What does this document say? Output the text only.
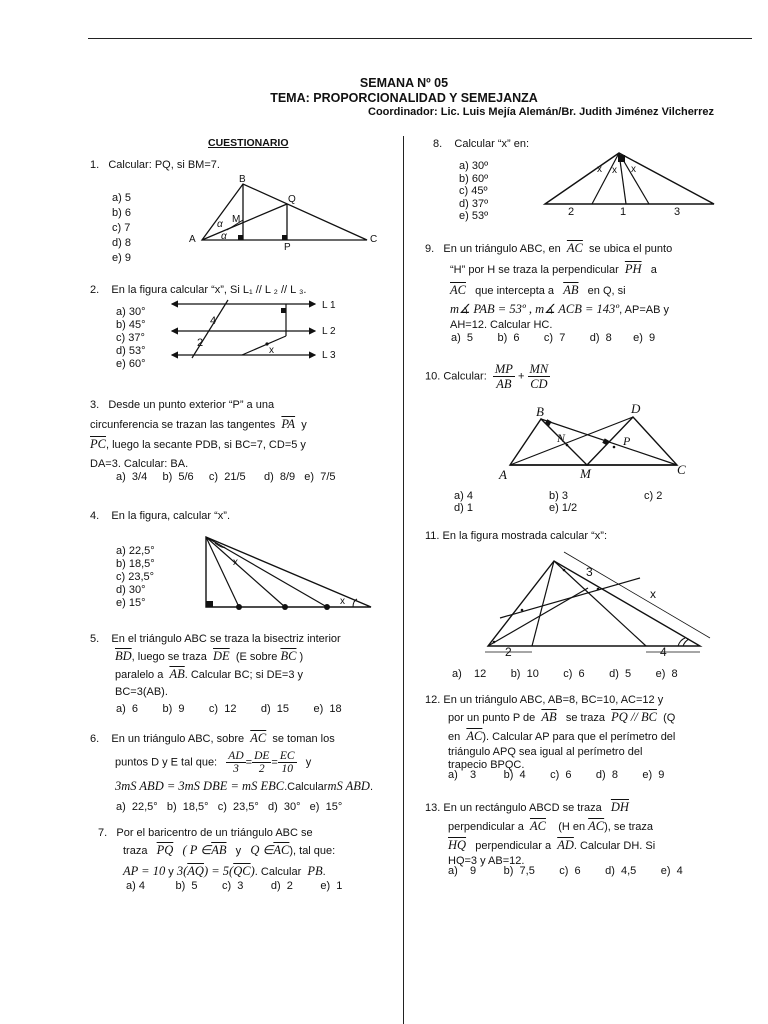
SEMANA Nº 05
TEMA: PROPORCIONALIDAD Y SEMEJANZA
Coordinador: Lic. Luis Mejía Alemán/Br. Judith Jiménez Vilcherrez
CUESTIONARIO
1. Calcular: PQ, si BM=7.
a) 5
b) 6
c) 7
d) 8
e) 9
B
Q
M
A
P
C
α
α
2. En la figura calcular “x”, Si L₁ // L ₂ // L ₃.
a) 30°
b) 45°
c) 37°
d) 53°
e) 60°
L 1
L 2
L 3
4
2
x
3. Desde un punto exterior “P” a una
circunferencia se trazan las tangentes $\overline{PA}$ y
$\overline{PC}$, luego la secante PDB, si BC=7, CD=5 y
DA=3. Calcular: BA.
a)  3/4     b)  5/6     c)  21/5      d)  8/9   e)  7/5
4. En la figura, calcular “x”.
a) 22,5°
b) 18,5°
c) 23,5°
d) 30°
e) 15°
x
x
5. En el triángulo ABC se traza la bisectriz interior
$\overline{BD}$, luego se traza $\overline{DE}$ (E sobre $\overline{BC}$ )
paralelo a $\overline{AB}$. Calcular BC; si DE=3 y
BC=3(AB).
a)  6        b)  9        c)  12        d)  15        e)  18
6. En un triángulo ABC, sobre $\overline{AC}$ se toman los
puntos D y E tal que: $\frac{AD}{3} = \frac{DE}{2} = \frac{EC}{10}$ y
3mS ABD = 3mS DBE = mS EBC.CalcularmS ABD.
a)  22,5°   b)  18,5°   c)  23,5°   d)  30°   e)  15°
7. Por el baricentro de un triángulo ABC se
traza $\overline{PQ}$ ( P $\in\overline{AB}$ y Q $\in\overline{AC}$), tal que:
AP = 10 y $3(\overline{AQ}) = 5(\overline{QC})$. Calcular PB.
a) 4          b)  5        c)  3         d)  2         e)  1
8. Calcular “x” en:
a) 30º
b) 60º
c) 45º
d) 37º
e) 53º
x x x
2	1	3
9. En un triángulo ABC, en $\overline{AC}$ se ubica el punto
“H” por H se traza la perpendicular $\overline{PH}$ a
$\overline{AC}$ que intercepta a $\overline{AB}$ en Q, si
m∡ PAB = 53º , m∡ ACB = 143º, AP=AB y
AH=12. Calcular HC.
a)  5        b)  6        c)  7        d)  8       e)  9
10. Calcular: $\frac{MP}{AB} + \frac{MN}{CD}$
B	D
N	P
A	M	C
a) 4	b) 3	c) 2
d) 1	e) 1/2
11. En la figura mostrada calcular “x”:
2	4
3
x
a)    12        b)  10        c)  6        d)  5        e)  8
12. En un triángulo ABC, AB=8, BC=10, AC=12 y
por un punto P de $\overline{AB}$ se traza PQ // BC (Q
en $\overline{AC}$). Calcular AP para que el perímetro del
triángulo APQ sea igual al perímetro del
trapecio BPQC.
a)    3         b)  4        c)  6        d)  8        e)  9
13. En un rectángulo ABCD se traza $\overline{DH}$
perpendicular a $\overline{AC}$ (H en $\overline{AC}$), se traza
$\overline{HQ}$ perpendicular a $\overline{AD}$. Calcular DH. Si
HQ=3 y AB=12.
a)    9         b)  7,5        c)  6        d)  4,5        e)  4
